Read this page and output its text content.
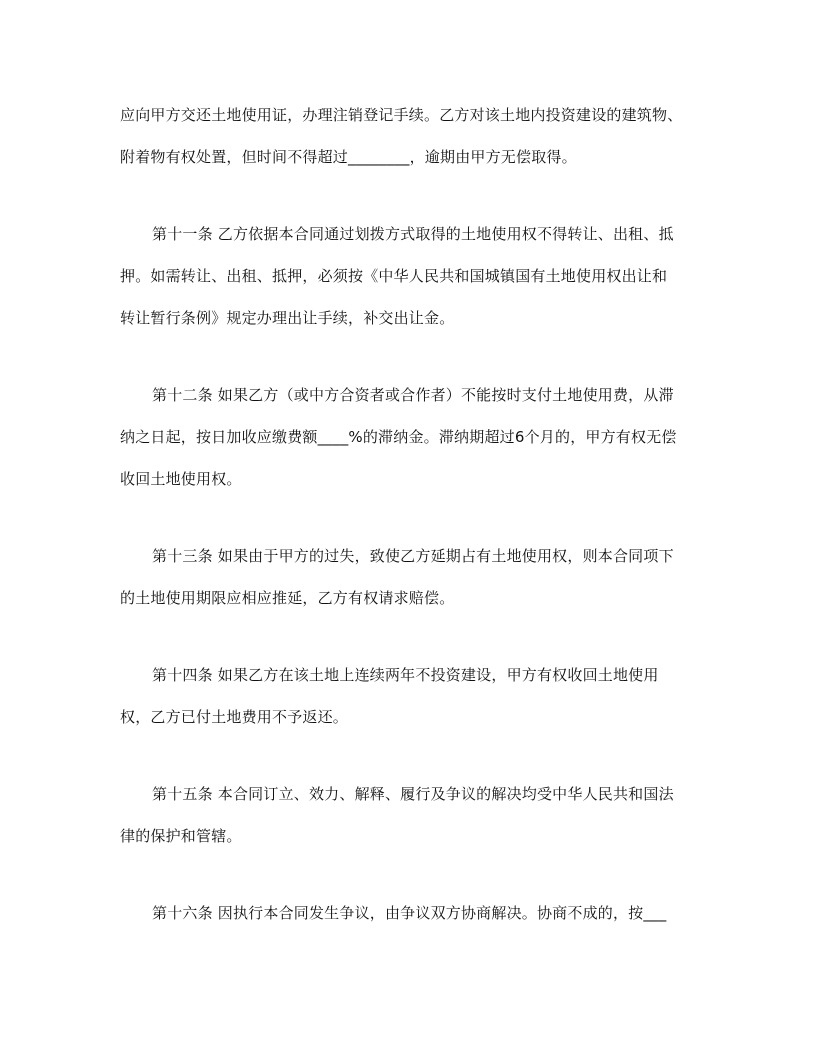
应向甲方交还土地使用证，办理注销登记手续。乙方对该土地内投资建设的建筑物、
附着物有权处置，但时间不得超过________，逾期由甲方无偿取得。

第十一条 乙方依据本合同通过划拨方式取得的土地使用权不得转让、出租、抵
押。如需转让、出租、抵押，必须按《中华人民共和国城镇国有土地使用权出让和
转让暂行条例》规定办理出让手续，补交出让金。

第十二条 如果乙方（或中方合资者或合作者）不能按时支付土地使用费，从滞
纳之日起，按日加收应缴费额____%的滞纳金。滞纳期超过6个月的，甲方有权无偿
收回土地使用权。

第十三条 如果由于甲方的过失，致使乙方延期占有土地使用权，则本合同项下
的土地使用期限应相应推延，乙方有权请求赔偿。

第十四条 如果乙方在该土地上连续两年不投资建设，甲方有权收回土地使用
权，乙方已付土地费用不予返还。

第十五条 本合同订立、效力、解释、履行及争议的解决均受中华人民共和国法
律的保护和管辖。

第十六条 因执行本合同发生争议，由争议双方协商解决。协商不成的，按___
